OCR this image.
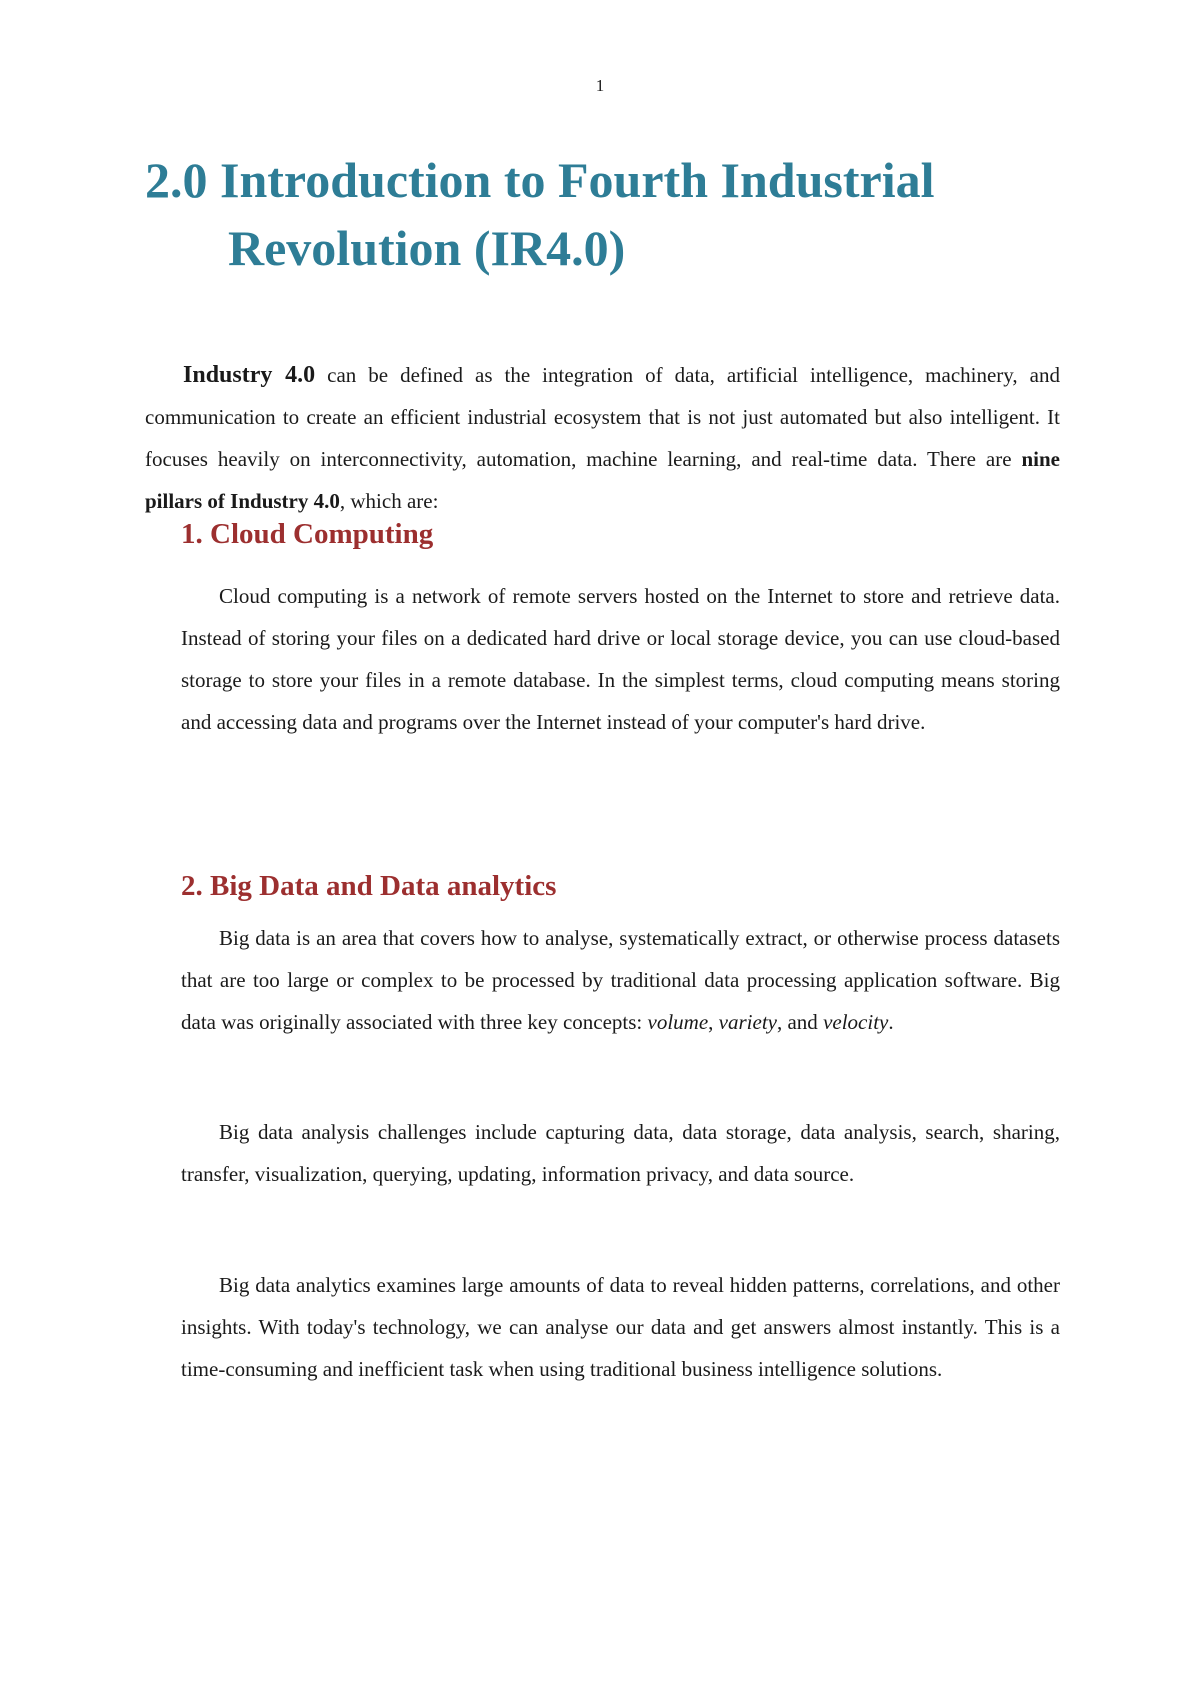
1
2.0 Introduction to Fourth Industrial
Revolution (IR4.0)

Industry 4.0 can be defined as the integration of data, artificial intelligence, machinery, and communication to create an efficient industrial ecosystem that is not just automated but also intelligent. It focuses heavily on interconnectivity, automation, machine learning, and real-time data. There are nine pillars of Industry 4.0, which are:

1. Cloud Computing

Cloud computing is a network of remote servers hosted on the Internet to store and retrieve data. Instead of storing your files on a dedicated hard drive or local storage device, you can use cloud-based storage to store your files in a remote database. In the simplest terms, cloud computing means storing and accessing data and programs over the Internet instead of your computer's hard drive.

2. Big Data and Data analytics

Big data is an area that covers how to analyse, systematically extract, or otherwise process datasets that are too large or complex to be processed by traditional data processing application software. Big data was originally associated with three key concepts: volume, variety, and velocity.

Big data analysis challenges include capturing data, data storage, data analysis, search, sharing, transfer, visualization, querying, updating, information privacy, and data source.

Big data analytics examines large amounts of data to reveal hidden patterns, correlations, and other insights. With today's technology, we can analyse our data and get answers almost instantly. This is a time-consuming and inefficient task when using traditional business intelligence solutions.
